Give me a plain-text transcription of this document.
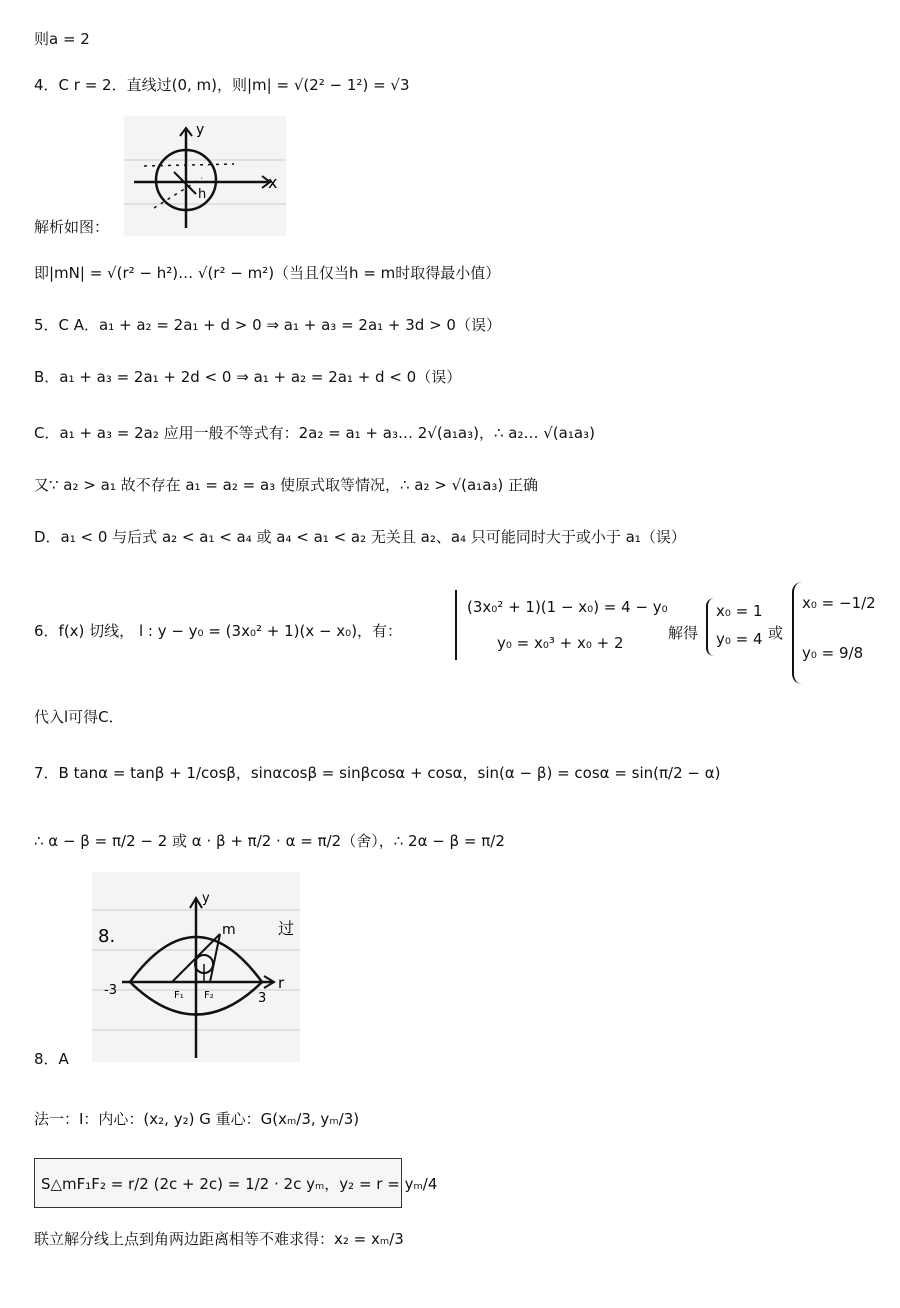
则a = 2
4．C r = 2．直线过(0, m)，则|m| = √(2² − 1²) = √3
y
x
h
解析如图：
即|mN| = √(r² − h²)… √(r² − m²)（当且仅当h = m时取得最小值）
5．C A．a₁ + a₂ = 2a₁ + d > 0 ⇒ a₁ + a₃ = 2a₁ + 3d > 0（误）
B．a₁ + a₃ = 2a₁ + 2d < 0 ⇒ a₁ + a₂ = 2a₁ + d < 0（误）
C．a₁ + a₃ = 2a₂ 应用一般不等式有：2a₂ = a₁ + a₃… 2√(a₁a₃)，∴ a₂… √(a₁a₃)
又∵ a₂ > a₁ 故不存在 a₁ = a₂ = a₃ 使原式取等情况，∴ a₂ > √(a₁a₃) 正确
D．a₁ < 0 与后式 a₂ < a₁ < a₄ 或 a₄ < a₁ < a₂ 无关且 a₂、a₄ 只可能同时大于或小于 a₁（误）
6．f(x) 切线， l : y − y₀ = (3x₀² + 1)(x − x₀)，有：
(3x₀² + 1)(1 − x₀) = 4 − y₀
y₀ = x₀³ + x₀ + 2
解得
x₀ = 1
y₀ = 4 或
x₀ = −1/2
y₀ = 9/8
代入l可得C．
7．B tanα = tanβ + 1/cosβ，sinαcosβ = sinβcosα + cosα，sin(α − β) = cosα = sin(π/2 − α)
∴ α − β = π/2 − 2 或 α · β + π/2 · α = π/2（舍），∴ 2α − β = π/2
8.
y
m
r
-3	F₁ F₂	3
过
8．A
法一：I：内心：(x₂, y₂) G 重心：G(xₘ/3, yₘ/3)
S△mF₁F₂ = r/2 (2c + 2c) = 1/2 · 2c yₘ，y₂ = r = yₘ/4
联立解分线上点到角两边距离相等不难求得：x₂ = xₘ/3
